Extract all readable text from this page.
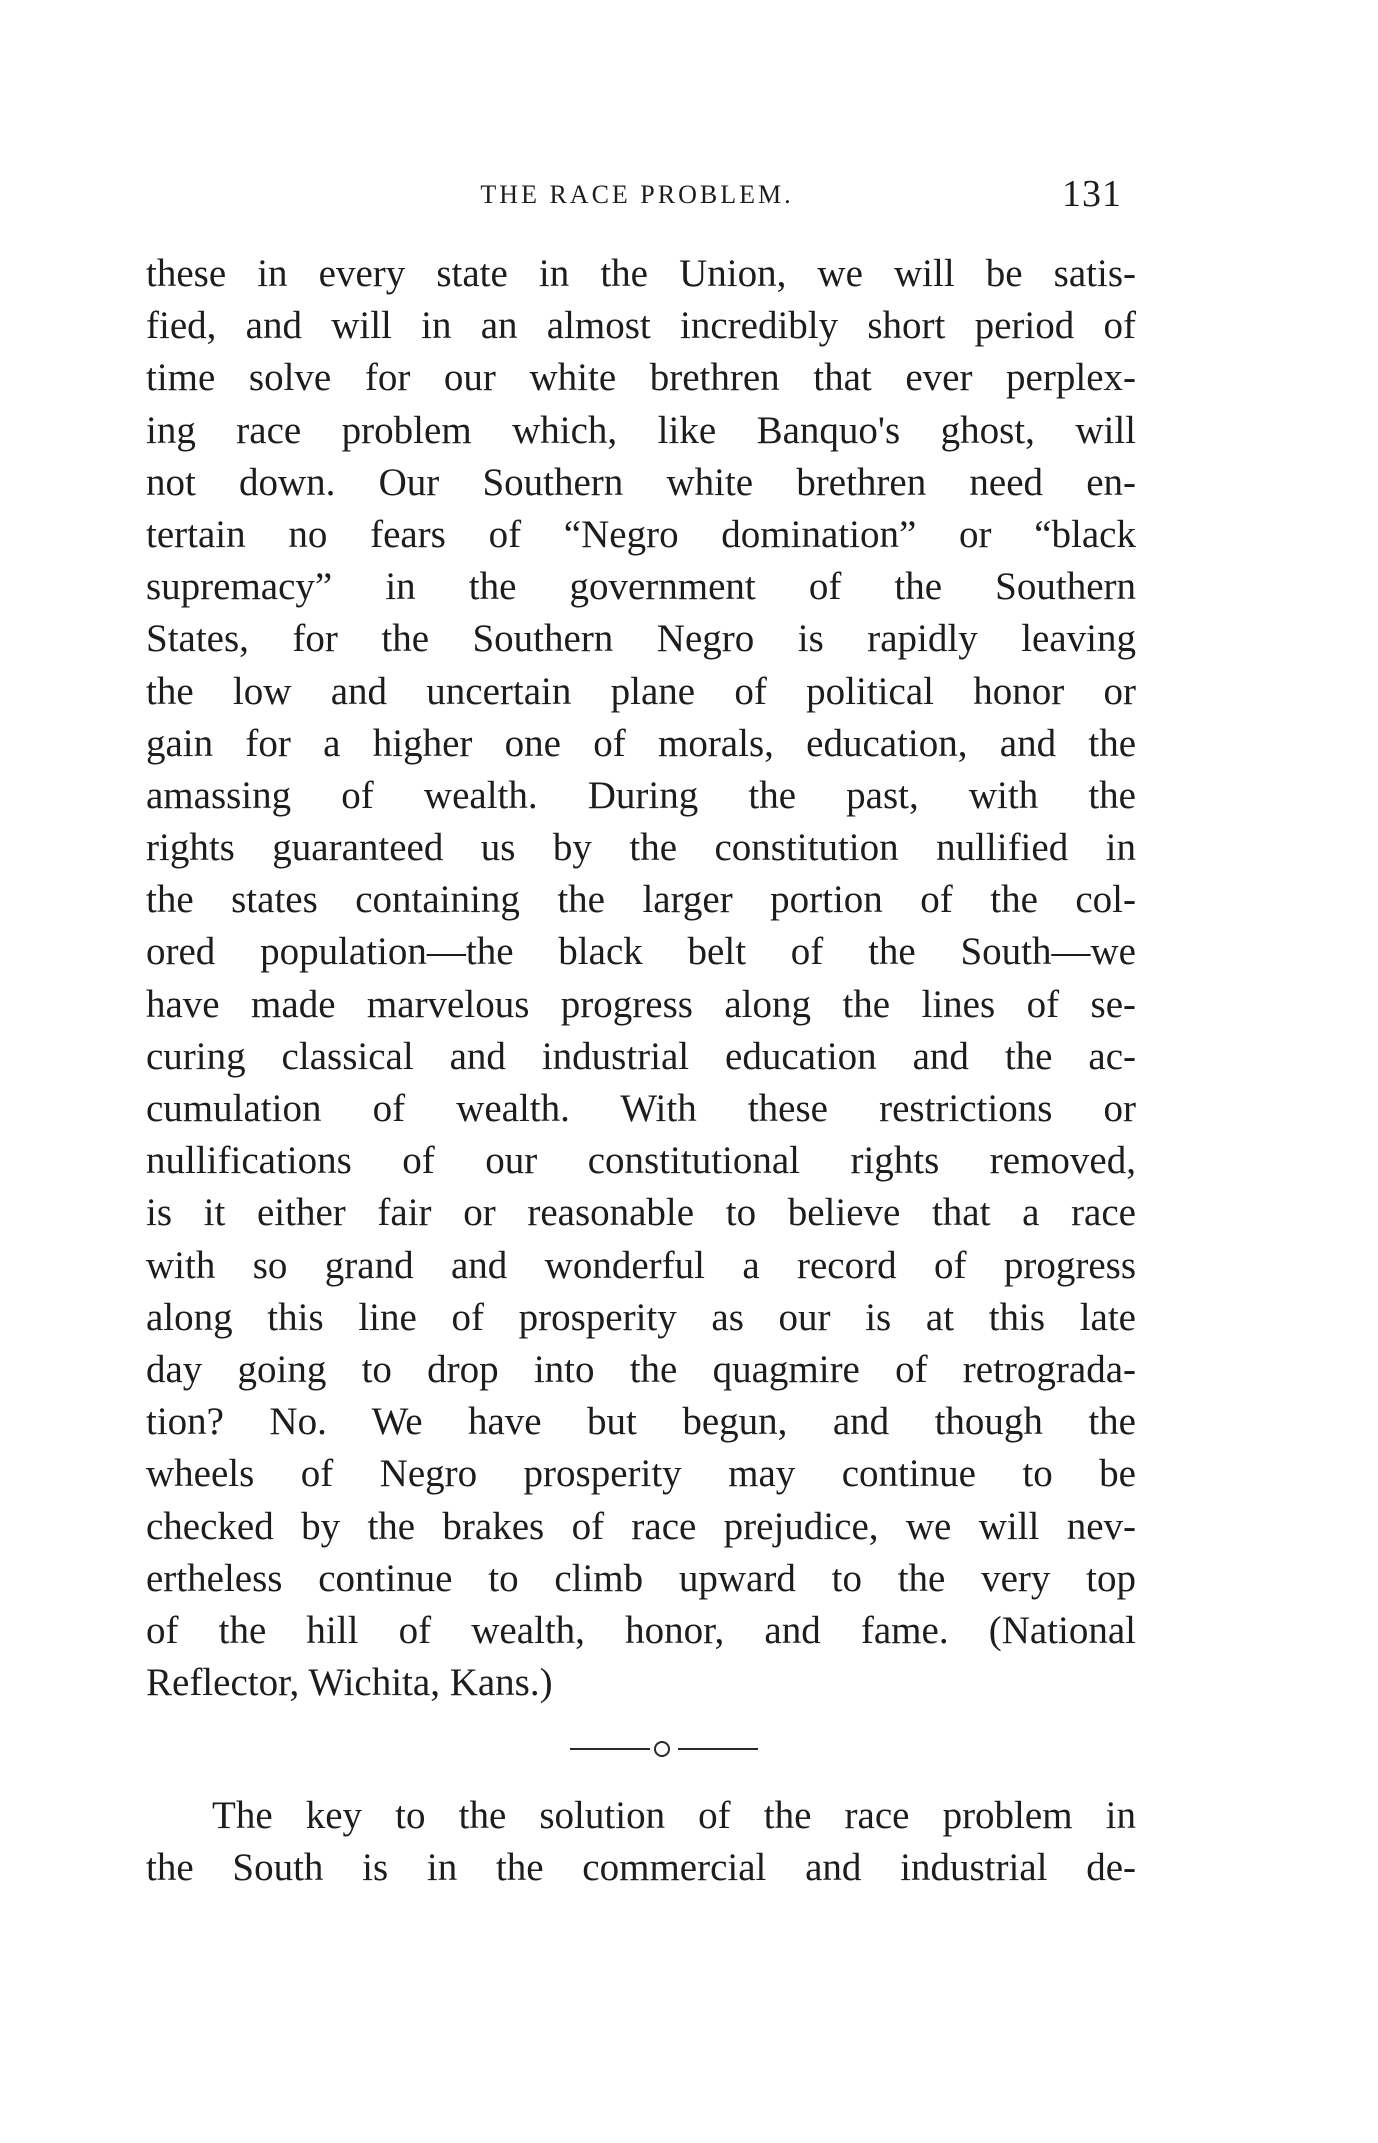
THE RACE PROBLEM.	131
these in every state in the Union, we will be satis-
fied, and will in an almost incredibly short period of
time solve for our white brethren that ever perplex-
ing race problem which, like Banquo's ghost, will
not down. Our Southern white brethren need en-
tertain no fears of “Negro domination” or “black
supremacy” in the government of the Southern
States, for the Southern Negro is rapidly leaving
the low and uncertain plane of political honor or
gain for a higher one of morals, education, and the
amassing of wealth. During the past, with the
rights guaranteed us by the constitution nullified in
the states containing the larger portion of the col-
ored population—the black belt of the South—we
have made marvelous progress along the lines of se-
curing classical and industrial education and the ac-
cumulation of wealth. With these restrictions or
nullifications of our constitutional rights removed,
is it either fair or reasonable to believe that a race
with so grand and wonderful a record of progress
along this line of prosperity as our is at this late
day going to drop into the quagmire of retrograda-
tion? No. We have but begun, and though the
wheels of Negro prosperity may continue to be
checked by the brakes of race prejudice, we will nev-
ertheless continue to climb upward to the very top
of the hill of wealth, honor, and fame. (National
Reflector, Wichita, Kans.)
The key to the solution of the race problem in
the South is in the commercial and industrial de-
